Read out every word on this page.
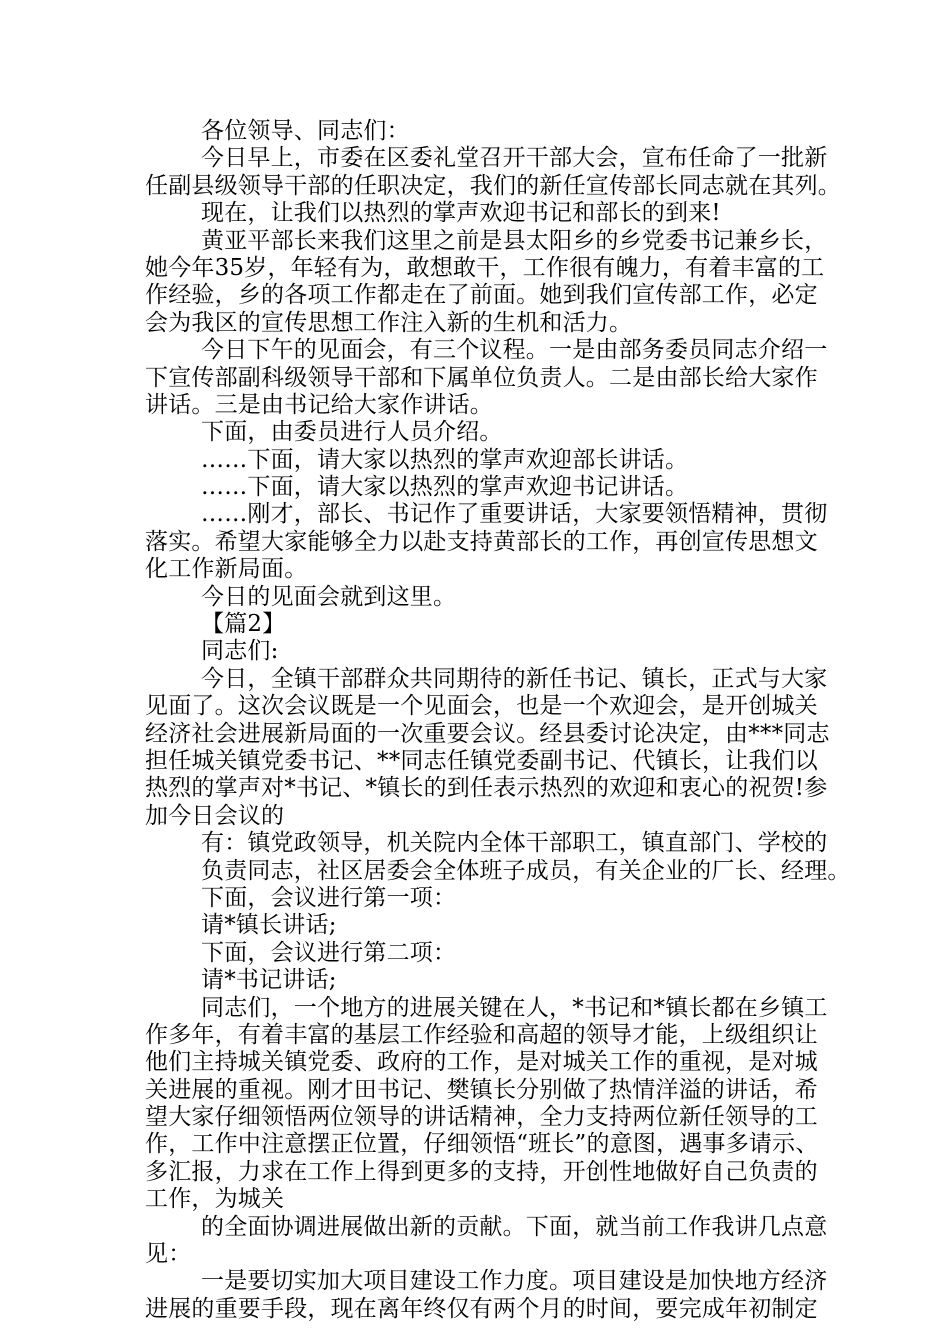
各位领导、同志们：
今日早上，市委在区委礼堂召开干部大会，宣布任命了一批新
任副县级领导干部的任职决定，我们的新任宣传部长同志就在其列。
现在，让我们以热烈的掌声欢迎书记和部长的到来!
黄亚平部长来我们这里之前是县太阳乡的乡党委书记兼乡长，
她今年35岁，年轻有为，敢想敢干，工作很有魄力，有着丰富的工
作经验，乡的各项工作都走在了前面。她到我们宣传部工作，必定
会为我区的宣传思想工作注入新的生机和活力。
今日下午的见面会，有三个议程。一是由部务委员同志介绍一
下宣传部副科级领导干部和下属单位负责人。二是由部长给大家作
讲话。三是由书记给大家作讲话。
下面，由委员进行人员介绍。
……下面，请大家以热烈的掌声欢迎部长讲话。
……下面，请大家以热烈的掌声欢迎书记讲话。
……刚才，部长、书记作了重要讲话，大家要领悟精神，贯彻
落实。希望大家能够全力以赴支持黄部长的工作，再创宣传思想文
化工作新局面。
今日的见面会就到这里。
【篇2】
同志们:
今日，全镇干部群众共同期待的新任书记、镇长，正式与大家
见面了。这次会议既是一个见面会，也是一个欢迎会，是开创城关
经济社会进展新局面的一次重要会议。经县委讨论决定，由***同志
担任城关镇党委书记、**同志任镇党委副书记、代镇长，让我们以
热烈的掌声对*书记、*镇长的到任表示热烈的欢迎和衷心的祝贺!参
加今日会议的
有：镇党政领导，机关院内全体干部职工，镇直部门、学校的
负责同志，社区居委会全体班子成员，有关企业的厂长、经理。
下面，会议进行第一项：
请*镇长讲话;
下面，会议进行第二项：
请*书记讲话;
同志们，一个地方的进展关键在人，*书记和*镇长都在乡镇工
作多年，有着丰富的基层工作经验和高超的领导才能，上级组织让
他们主持城关镇党委、政府的工作，是对城关工作的重视，是对城
关进展的重视。刚才田书记、樊镇长分别做了热情洋溢的讲话，希
望大家仔细领悟两位领导的讲话精神，全力支持两位新任领导的工
作，工作中注意摆正位置，仔细领悟“班长”的意图，遇事多请示、
多汇报，力求在工作上得到更多的支持，开创性地做好自己负责的
工作，为城关
的全面协调进展做出新的贡献。下面，就当前工作我讲几点意
见：
一是要切实加大项目建设工作力度。项目建设是加快地方经济
进展的重要手段，现在离年终仅有两个月的时间，要完成年初制定
